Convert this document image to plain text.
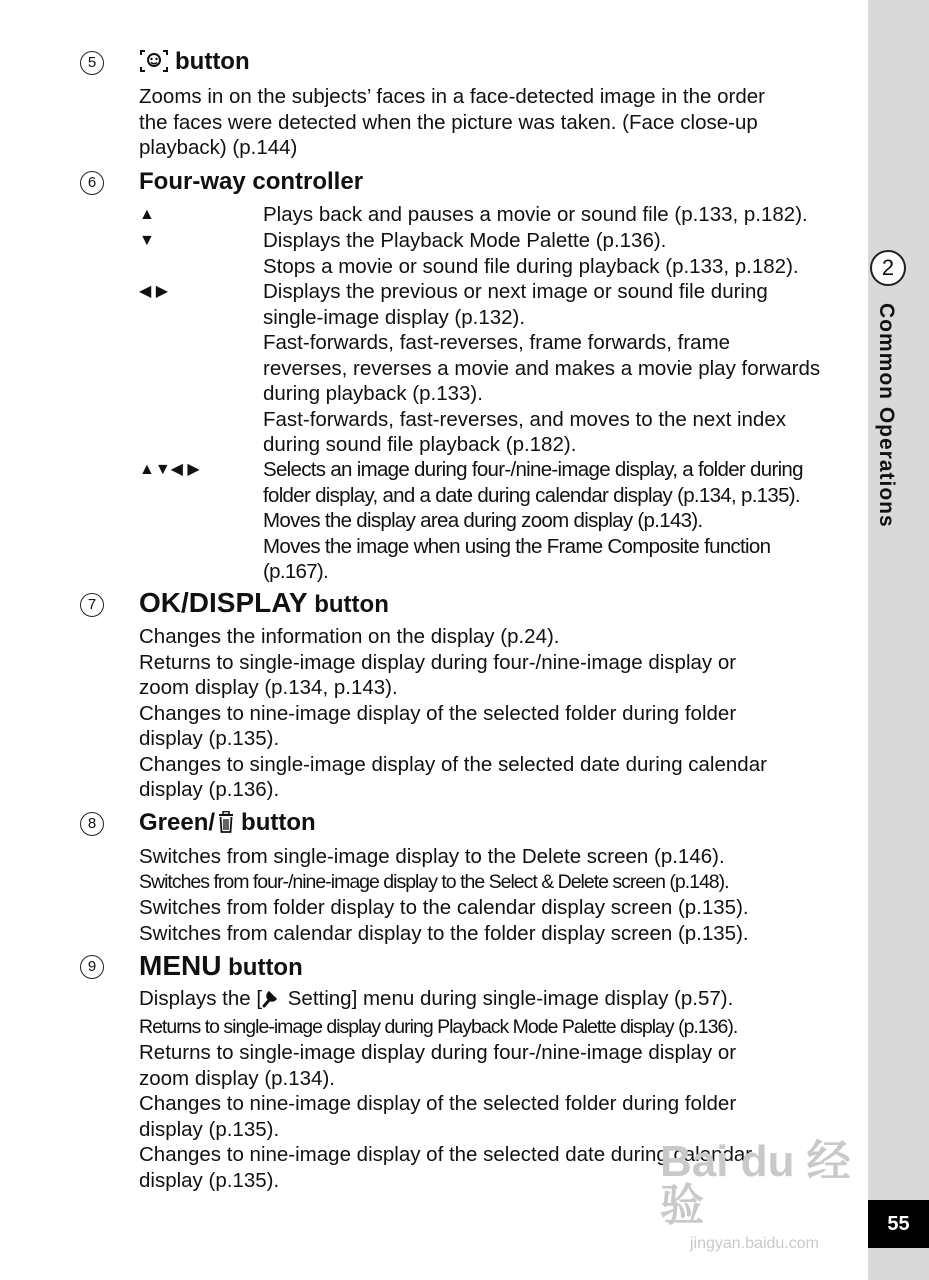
5	button
Zooms in on the subjects’ faces in a face-detected image in the order
the faces were detected when the picture was taken. (Face close-up
playback) (p.144)
6	Four-way controller
▲	Plays back and pauses a movie or sound file (p.133, p.182).
▼	Displays the Playback Mode Palette (p.136).
Stops a movie or sound file during playback (p.133, p.182).
◀ ▶	Displays the previous or next image or sound file during
single-image display (p.132).
Fast-forwards, fast-reverses, frame forwards, frame
reverses, reverses a movie and makes a movie play forwards
during playback (p.133).
Fast-forwards, fast-reverses, and moves to the next index
during sound file playback (p.182).
▲▼◀ ▶	Selects an image during four-/nine-image display, a folder during
folder display, and a date during calendar display (p.134, p.135).
Moves the display area during zoom display (p.143).
Moves the image when using the Frame Composite function
(p.167).
7 OK/DISPLAY button
Changes the information on the display (p.24).
Returns to single-image display during four-/nine-image display or
zoom display (p.134, p.143).
Changes to nine-image display of the selected folder during folder
display (p.135).
Changes to single-image display of the selected date during calendar
display (p.136).
8	Green/ button
Switches from single-image display to the Delete screen (p.146).
Switches from four-/nine-image display to the Select & Delete screen (p.148).
Switches from folder display to the calendar display screen (p.135).
Switches from calendar display to the folder display screen (p.135).
9 MENU button
Displays the [ Setting] menu during single-image display (p.57).
Returns to single-image display during Playback Mode Palette display (p.136).
Returns to single-image display during four-/nine-image display or
zoom display (p.134).
Changes to nine-image display of the selected folder during folder
display (p.135).
Changes to nine-image display of the selected date during calendar
display (p.135).
2
Common Operations
55
Bai du 经验
jingyan.baidu.com
